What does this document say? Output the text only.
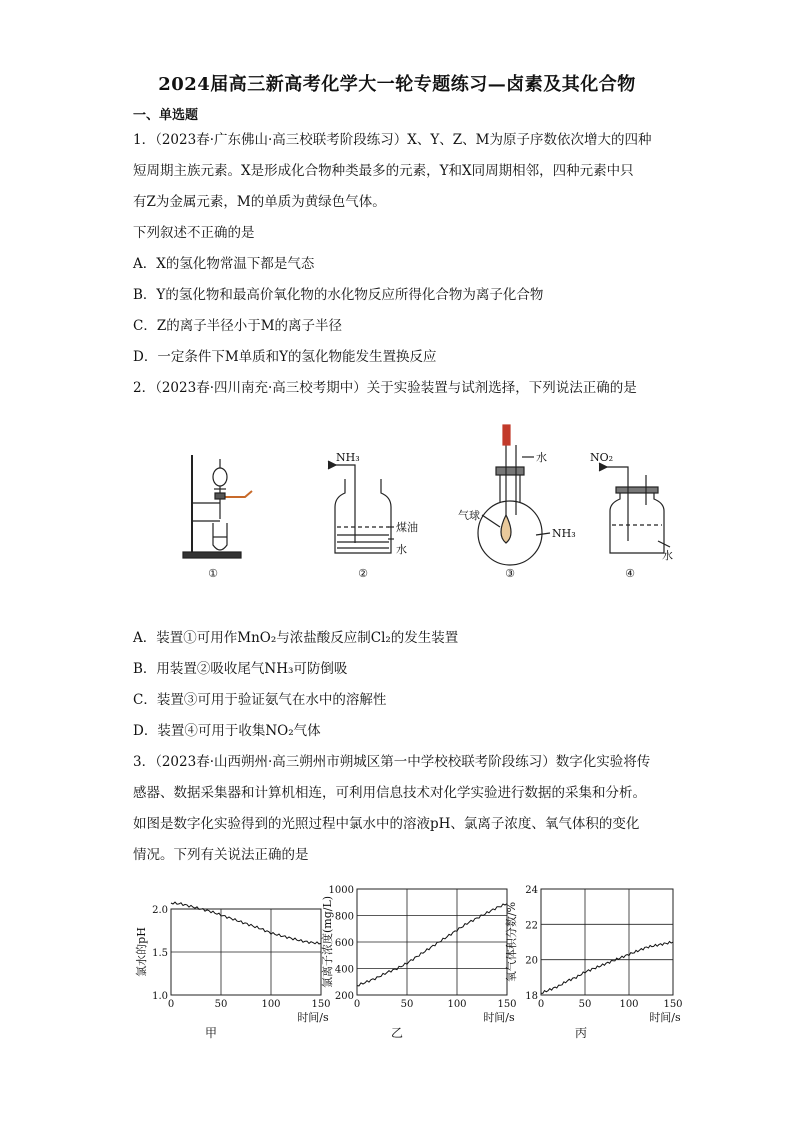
2024届高三新高考化学大一轮专题练习—卤素及其化合物
一、单选题
1．（2023春·广东佛山·高三校联考阶段练习）X、Y、Z、M为原子序数依次增大的四种
短周期主族元素。X是形成化合物种类最多的元素，Y和X同周期相邻，四种元素中只
有Z为金属元素，M的单质为黄绿色气体。
下列叙述不正确的是
A．X的氢化物常温下都是气态
B．Y的氢化物和最高价氧化物的水化物反应所得化合物为离子化合物
C．Z的离子半径小于M的离子半径
D．一定条件下M单质和Y的氢化物能发生置换反应
2．（2023春·四川南充·高三校考期中）关于实验装置与试剂选择，下列说法正确的是
①	②	③	④
NH₃
煤油
水
水
气球
NH₃
NO₂
水
A．装置①可用作MnO₂与浓盐酸反应制Cl₂的发生装置
B．用装置②吸收尾气NH₃可防倒吸
C．装置③可用于验证氨气在水中的溶解性
D．装置④可用于收集NO₂气体
3．（2023春·山西朔州·高三朔州市朔城区第一中学校校联考阶段练习）数字化实验将传
感器、数据采集器和计算机相连，可利用信息技术对化学实验进行数据的采集和分析。
如图是数字化实验得到的光照过程中氯水中的溶液pH、氯离子浓度、氧气体积的变化
情况。下列有关说法正确的是
0	50	100	150
1.0
1.5
2.0
时间/s
甲
氯水的pH
0	50	100	150
200
400
600
800
1000
时间/s
乙
氯离子浓度(mg/L)
0	50	100 150
18
20
22
24
时间/s
丙
氧气体积分数/%
